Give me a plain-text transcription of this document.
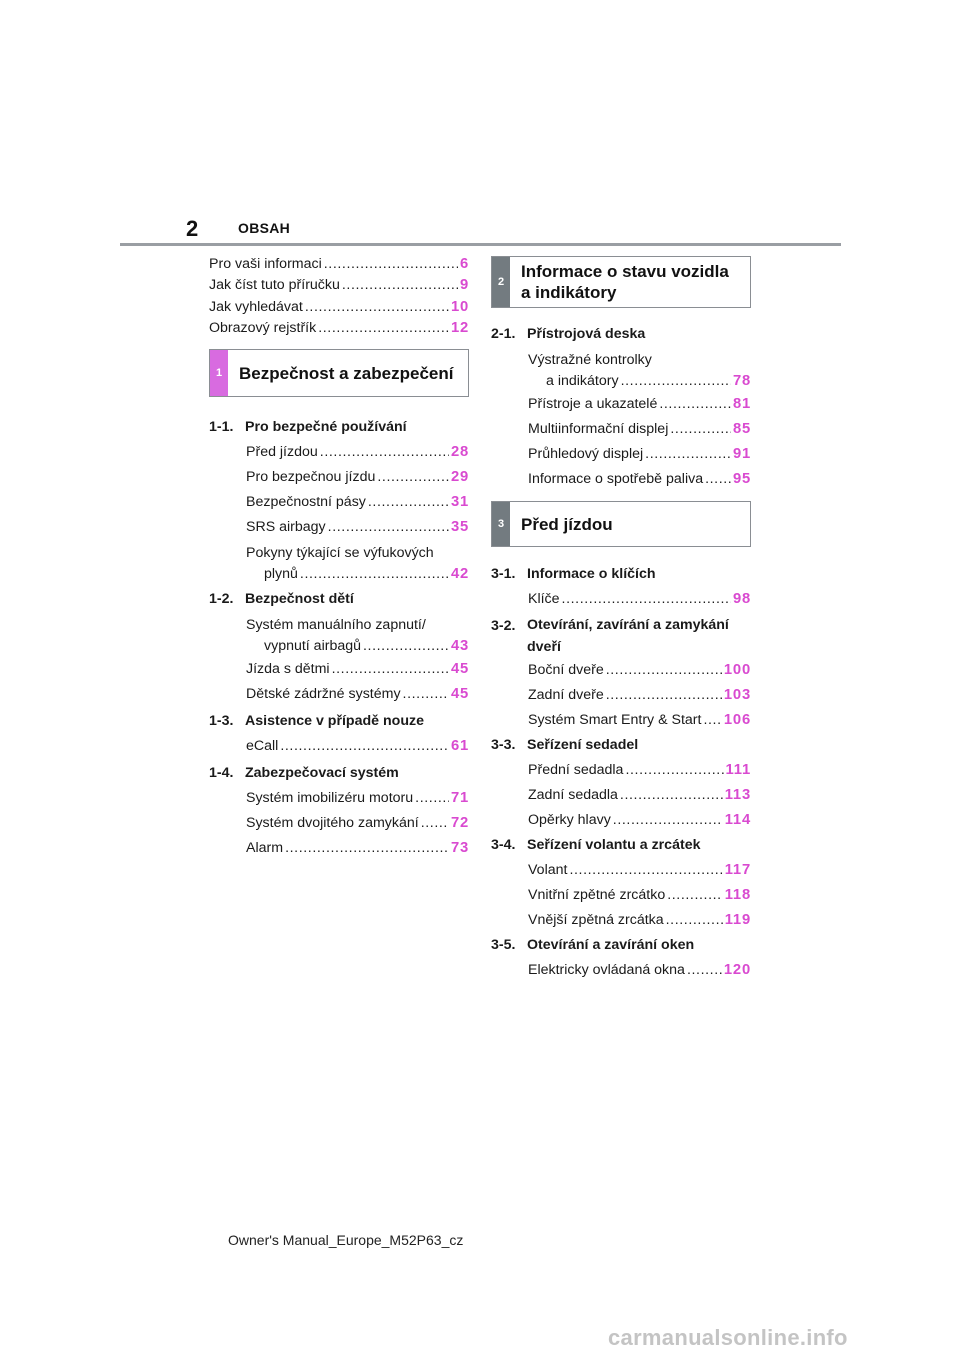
2	OBSAH
Pro vaši informaci .....	6
Jak číst tuto příručku .....	9
Jak vyhledávat .....	10
Obrazový rejstřík .....	12
1 Bezpečnost a zabezpečení
1-1. Pro bezpečné používání
Před jízdou .....	28
Pro bezpečnou jízdu .....	29
Bezpečnostní pásy .....	31
SRS airbagy .....	35
Pokyny týkající se výfukových
plynů .....	42
1-2. Bezpečnost dětí
Systém manuálního zapnutí/
vypnutí airbagů .....	43
Jízda s dětmi .....	45
Dětské zádržné systémy .....	45
1-3. Asistence v případě nouze
eCall .....	61
1-4. Zabezpečovací systém
Systém imobilizéru motoru .....	71
Systém dvojitého zamykání ..... 72
Alarm .....	73
2
Informace o stavu vozidla
a indikátory
2-1. Přístrojová deska
Výstražné kontrolky
a indikátory .....	78
Přístroje a ukazatelé .....	81
Multiinformační displej .....	85
Průhledový displej .....	91
Informace o spotřebě paliva ..... 95
3 Před jízdou
3-1. Informace o klíčích
Klíče .....	98
3-2. Otevírání, zavírání a zamykání dveří
Boční dveře .....	100
Zadní dveře .....	103
Systém Smart Entry & Start ..... 106
3-3. Seřízení sedadel
Přední sedadla .....	111
Zadní sedadla .....	113
Opěrky hlavy .....	114
3-4. Seřízení volantu a zrcátek
Volant .....	117
Vnitřní zpětné zrcátko .....	118
Vnější zpětná zrcátka .....	119
3-5. Otevírání a zavírání oken
Elektricky ovládaná okna .....	120
Owner's Manual_Europe_M52P63_cz
carmanualsonline.info
